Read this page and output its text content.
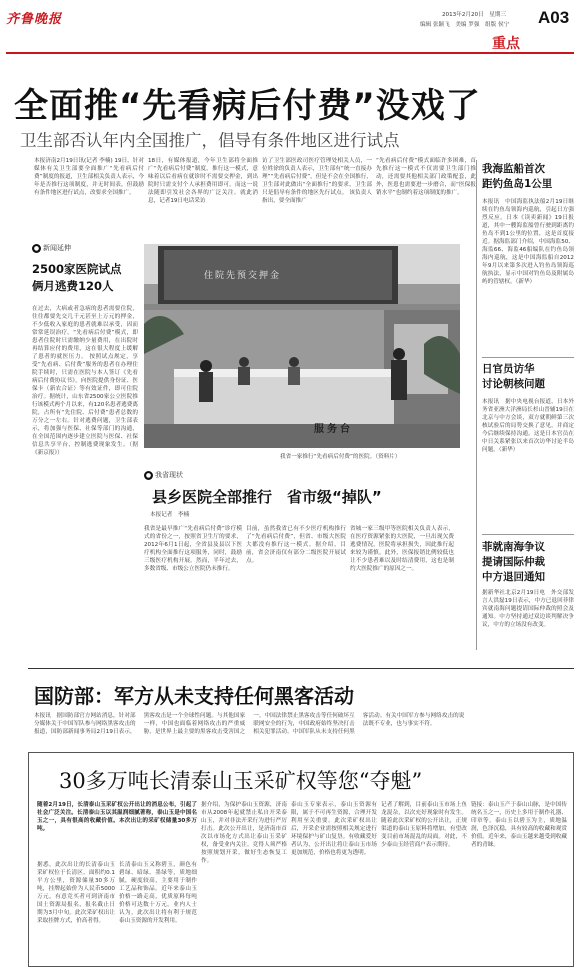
齐鲁晚报	2013年2月20日　星期三
编辑 张颖飞　美编 罗强　组版 侯宁	A03
重点
全面推“先看病后付费”没戏了
卫生部否认年内全国推广，倡导有条件地区进行试点
本报济南2月19日讯(记者 李楠) 19日，针对媒体有关卫生部要全面推广“先看病后付费”制度的报道，卫生部相关负责人表示，今年是否推行这项制度，并无时间表，但鼓励有条件地区进行试点，改要求全国推广。
18日，有媒体报道，今年卫生部将全面推广“先看病后付费”制度，推行这一模式，意味着以后看病在就诊时不需要交押金，到出院时只需支付个人承担费用即可。而这一说法随即引发社会各界的广泛关注。就此消息，记者19日电话采访
访了卫生部医政司医疗管理处相关人员，一位姓徐的负责人表示，卫生部有“统一直接办理”“先看病后付费”，但是不会在全国推行，卫生部对此做出“全面推行”的要求，卫生部只是倡导有条件的地区先行试点。 该负责人指出，要全面推广
“先看病后付费”模式面临许多困难，首先推行这一模式不仅需要卫生部门推动，还需要其他相关部门政策配套，此外，医患也需要进一步磨合，而“医保报销水平”也制约着这项制度的推广。
● 新闻延伸
2500家医院试点
俩月逃费120人
在过去，大病或者急病的患者需要住院，往往都要先交几千元甚至上万元的押金，不少低收入家庭的患者就难以承受，因而常常延误治疗。“先看病后付费”模式，即患者住院时只需缴纳少量费用，在出院时再结算应付的费用，这在很大程度上缓解了患者的就医压力。 按照试点规定，享受“先看病、后付费”服务的患者在办理住院手续时，只需在医院与本人签订《先看病后付费协议书》，向医院提供身份证、医保卡（新农合证）等有效证件，即可住院治疗。据统计，山东省2500家公立医院推行该模式两个月以来，有120名患者逃费离院，占所有“先住院、后付费”患者总数的万分之一左右。针对逃费问题，卫生部表示，将加强与医保、社保等部门的沟通，在全国范围内逐步建立医院与医保、社保信息共享平台，控制逃费现象发生。（据《新京报》）
住院先预交押金
服务台
我省一家推行“先看病后付费”的医院。（资料片）
● 我省现状
县乡医院全部推行　省市级“掉队”
本报记者　李楠
我省是最早推广“先看病后付费”诊疗模式的省份之一，按照省卫生厅的要求，2012年6月1日起，全省县及县以下医疗机构全面推行这项服务，同时，鼓励三级医疗机构开展。然而，半年过去，多数省级、市级公立医院仍未推行。
目前，虽然我省已有不少医疗机构推行了“先看病后付费”，但省、市级大医院大都没有推行这一模式。据介绍，目前，省会济南仅有部分二级医院开展试点。
省城一家三级甲等医院相关负责人表示，在医疗资源紧张的大医院，一旦出现欠费逃费情况，医院将承担损失，因此推行起来较为谨慎。此外，医保报销比例较低也让不少患者难以及时结清费用，这也是制约大医院推广的原因之一。
我海监船首次
距钓鱼岛1公里
本报讯　中国海监执法船2月19日继续在钓鱼岛领海内巡航，引起日方强烈反应。日本《读卖新闻》19日报道，其中一艘海监船曾行驶到距离钓鱼岛不到1公里的位置，这是首度接近。据海监部门介绍，中国海监50、海监66、海监46船编队在钓鱼岛领海内巡航，这是中国海监船自2012年9月以来第多次进入钓鱼岛领海巡航执法，显示中国对钓鱼岛及附属岛屿的管辖权。（新华）
日官员访华
讨论朝核问题
本报讯　据中央电视台报道，日本外务省亚洲大洋洲局长杉山晋辅19日在北京与中方会谈，双方就朝鲜第三次核试验后的局势交换了意见，并商定今后继续保持沟通。这是日本官员在中日关系紧张以来首次访华讨论半岛问题。（新华）
菲就南海争议
提请国际仲裁
中方退回通知
据新华社北京2月19日电　外交部发言人洪磊19日表示，中方已退回菲律宾就南海问题提请国际仲裁的照会及通知。中方坚持通过双边谈判解决争议，中方的立场没有改变。
国防部：军方从未支持任何黑客活动
本报讯　据国防部官方网站消息，针对部分媒体关于中国军队参与网络黑客攻击的报道，国防部新闻事务局2月19日表示，黑客攻击是一个全球性问题。与其他国家一样，中国也面临着网络攻击的严重威胁，是世界上最主要的黑客攻击受害国之一。中国法律禁止黑客攻击等任何破坏互联网安全的行为，中国政府始终坚决打击相关犯罪活动。中国军队从未支持任何黑客活动。有关中国军方参与网络攻击的说法既不专业，也与事实不符。
30多万吨长清泰山玉采矿权等您“夺魁”
随着2月19日，长清泰山玉采矿权公开出让的消息公布，引起了社会广泛关注。长清泰山玉以其温润细腻著称，泰山玉是中国名玉之一，具有很高的收藏价值。本次出让的采矿权储量30多万吨。
据悉，此次出让的长清泰山玉采矿权位于长清区，面积约0.1平方公里，资源储量30多万吨，挂牌起始价为人民币5000万元。有意竞买者可到济南市国土资源局报名，报名截止日期为3月中旬。此次采矿权出让采取挂牌方式，价高者得。
长清泰山玉又称碧玉，颜色有碧绿、暗绿、墨绿等，质地细腻，硬度较高，主要用于制作工艺品和饰品。近年来泰山玉价格一路走高，优质原料每吨价格可达数十万元。业内人士认为，此次出让将有利于规范泰山玉资源的开发利用。
据介绍，为保护泰山玉资源，济南市从2008年起就禁止私自开采泰山玉，并对非法开采行为进行严厉打击。此次公开出让，是济南市首次以市场化方式出让泰山玉采矿权，备受业内关注。竞得人须严格按照规划开采，做好生态恢复工作。
泰山玉专家表示，泰山玉资源有限，属于不可再生资源，合理开发利用至关重要。此次采矿权出让后，开采企业需按照相关规定进行环境保护与矿山复垦。有收藏爱好者认为，公开出让将让泰山玉市场更加规范，价格也将更为透明。
记者了解到，目前泰山玉市场上鱼龙混杂，以次充好现象时有发生。随着此次采矿权的公开出让，正规渠道的泰山玉原料将增加，有望改变目前市场混乱的局面。对此，不少泰山玉经营商户表示期待。
链接：泰山玉产于泰山山脉，是中国传统名玉之一，历史上多用于制作礼器、印章等。泰山玉以碧玉为主，质地温润，色泽沉稳，具有较高的收藏和观赏价值。近年来，泰山玉越来越受到收藏者的青睐。
